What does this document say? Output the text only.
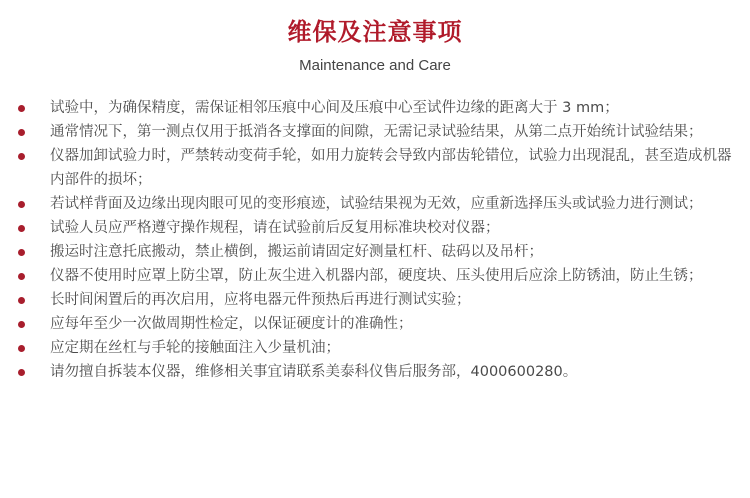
维保及注意事项
Maintenance and Care
试验中，为确保精度，需保证相邻压痕中心间及压痕中心至试件边缘的距离大于 3 mm；
通常情况下，第一测点仅用于抵消各支撑面的间隙，无需记录试验结果，从第二点开始统计试验结果；
仪器加卸试验力时，严禁转动变荷手轮，如用力旋转会导致内部齿轮错位，试验力出现混乱，甚至造成机器内部件的损坏；
若试样背面及边缘出现肉眼可见的变形痕迹，试验结果视为无效，应重新选择压头或试验力进行测试；
试验人员应严格遵守操作规程，请在试验前后反复用标准块校对仪器；
搬运时注意托底搬动，禁止横倒，搬运前请固定好测量杠杆、砝码以及吊杆；
仪器不使用时应罩上防尘罩，防止灰尘进入机器内部，硬度块、压头使用后应涂上防锈油，防止生锈；
长时间闲置后的再次启用，应将电器元件预热后再进行测试实验；
应每年至少一次做周期性检定，以保证硬度计的准确性；
应定期在丝杠与手轮的接触面注入少量机油；
请勿擅自拆装本仪器，维修相关事宜请联系美泰科仪售后服务部，4000600280。
